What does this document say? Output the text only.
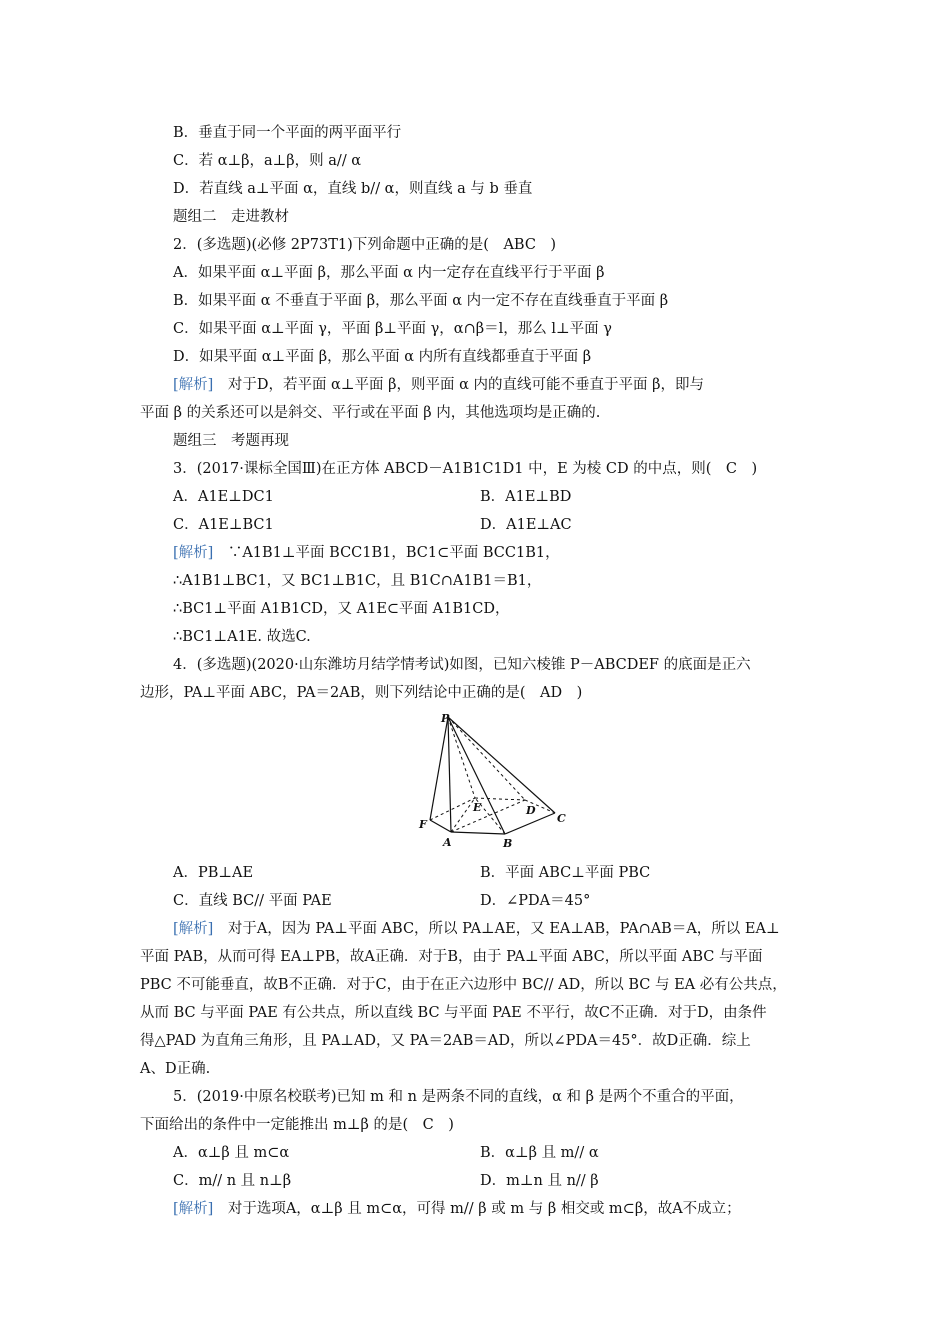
B．垂直于同一个平面的两平面平行
C．若 α⊥β，a⊥β，则 a// α
D．若直线 a⊥平面 α，直线 b// α，则直线 a 与 b 垂直
题组二　走进教材
2．(多选题)(必修 2P73T1)下列命题中正确的是(　ABC　)
A．如果平面 α⊥平面 β，那么平面 α 内一定存在直线平行于平面 β
B．如果平面 α 不垂直于平面 β，那么平面 α 内一定不存在直线垂直于平面 β
C．如果平面 α⊥平面 γ，平面 β⊥平面 γ，α∩β＝l，那么 l⊥平面 γ
D．如果平面 α⊥平面 β，那么平面 α 内所有直线都垂直于平面 β
[解析]　对于D，若平面 α⊥平面 β，则平面 α 内的直线可能不垂直于平面 β，即与
平面 β 的关系还可以是斜交、平行或在平面 β 内，其他选项均是正确的.
题组三　考题再现
3．(2017·课标全国Ⅲ)在正方体 ABCD－A1B1C1D1 中，E 为棱 CD 的中点，则(　C　)
A．A1E⊥DC1	B．A1E⊥BD
C．A1E⊥BC1	D．A1E⊥AC
[解析]　∵A1B1⊥平面 BCC1B1，BC1⊂平面 BCC1B1，
∴A1B1⊥BC1，又 BC1⊥B1C，且 B1C∩A1B1＝B1，
∴BC1⊥平面 A1B1CD，又 A1E⊂平面 A1B1CD，
∴BC1⊥A1E. 故选C.
4．(多选题)(2020·山东潍坊月结学情考试)如图，已知六棱锥 P－ABCDEF 的底面是正六
边形，PA⊥平面 ABC，PA＝2AB，则下列结论中正确的是(　AD　)
P
F
A	B
C
D
E
A．PB⊥AE	B．平面 ABC⊥平面 PBC
C．直线 BC// 平面 PAE	D．∠PDA＝45°
[解析]　对于A，因为 PA⊥平面 ABC，所以 PA⊥AE，又 EA⊥AB，PA∩AB＝A，所以 EA⊥
平面 PAB，从而可得 EA⊥PB，故A正确．对于B，由于 PA⊥平面 ABC，所以平面 ABC 与平面
PBC 不可能垂直，故B不正确．对于C，由于在正六边形中 BC// AD，所以 BC 与 EA 必有公共点，
从而 BC 与平面 PAE 有公共点，所以直线 BC 与平面 PAE 不平行，故C不正确．对于D，由条件
得△PAD 为直角三角形，且 PA⊥AD，又 PA＝2AB＝AD，所以∠PDA＝45°．故D正确．综上
A、D正确.
5．(2019·中原名校联考)已知 m 和 n 是两条不同的直线，α 和 β 是两个不重合的平面，
下面给出的条件中一定能推出 m⊥β 的是(　C　)
A．α⊥β 且 m⊂α	B．α⊥β 且 m// α
C．m// n 且 n⊥β	D．m⊥n 且 n// β
[解析]　对于选项A，α⊥β 且 m⊂α，可得 m// β 或 m 与 β 相交或 m⊂β，故A不成立；
